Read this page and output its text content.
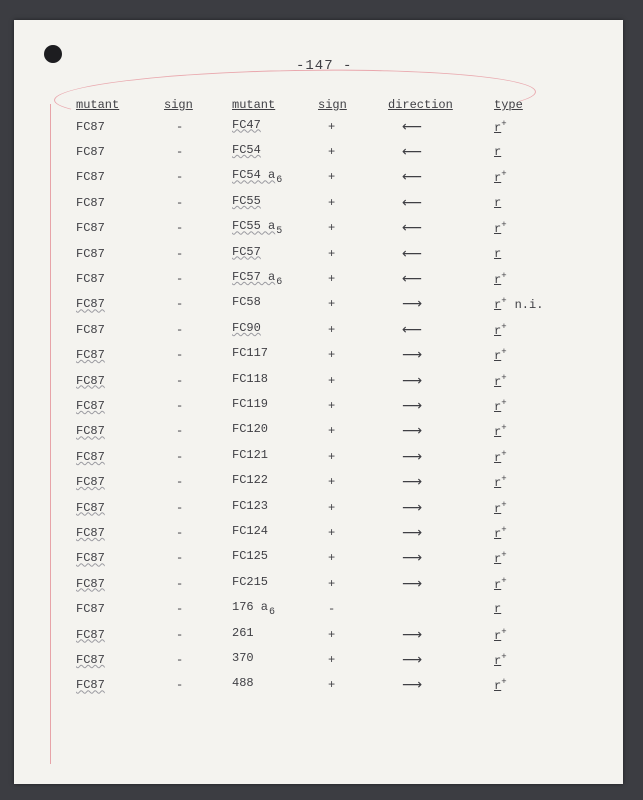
-147 -
mutant	sign	mutant	sign	direction	type
FC87	-	FC47	+	⟵	r+
FC87	-	FC54	+	⟵	r
FC87	-	FC54 $a_6$	+	⟵	r+
FC87	-	FC55	+	⟵	r
FC87	-	FC55 $a_5$	+	⟵	r+
FC87	-	FC57	+	⟵	r
FC87	-	FC57 $a_6$	+	⟵	r+
FC87	-	FC58	+	⟶	r+ n.i.
FC87	-	FC90	+	⟵	r+
FC87	-	FC117	+	⟶	r+
FC87	-	FC118	+	⟶	r+
FC87	-	FC119	+	⟶	r+
FC87	-	FC120	+	⟶	r+
FC87	-	FC121	+	⟶	r+
FC87	-	FC122	+	⟶	r+
FC87	-	FC123	+	⟶	r+
FC87	-	FC124	+	⟶	r+
FC87	-	FC125	+	⟶	r+
FC87	-	FC215	+	⟶	r+
FC87	-	176 $a_6$	-		r
FC87	-	261	+	⟶	r+
FC87	-	370	+	⟶	r+
FC87	-	488	+	⟶	r+
